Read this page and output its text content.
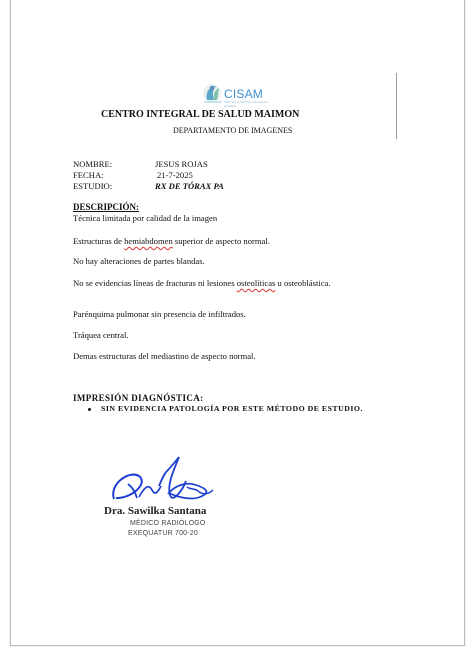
CISAM
CENTRO INTEGRAL DE SALUD MAIMON
CENTRO INTEGRAL DE SALUD MAIMON
DEPARTAMENTO DE IMAGENES
NOMBRE:	JESUS ROJAS
FECHA:	21-7-2025
ESTUDIO:	RX DE TÓRAX PA
DESCRIPCIÓN:
Técnica limitada por calidad de la imagen
Estructuras de hemiabdomen superior de aspecto normal.
No hay alteraciones de partes blandas.
No se evidencias líneas de fracturas ni lesiones osteolíticas u osteoblástica.
Parénquima pulmonar sin presencia de infiltrados.
Tráquea central.
Demas estructuras del mediastino de aspecto normal.
IMPRESIÓN DIAGNÓSTICA:
SIN EVIDENCIA PATOLOGÍA POR ESTE MÉTODO DE ESTUDIO.
Dra. Sawilka Santana
MÉDICO RADIÓLOGO
EXEQUATUR 700-20
